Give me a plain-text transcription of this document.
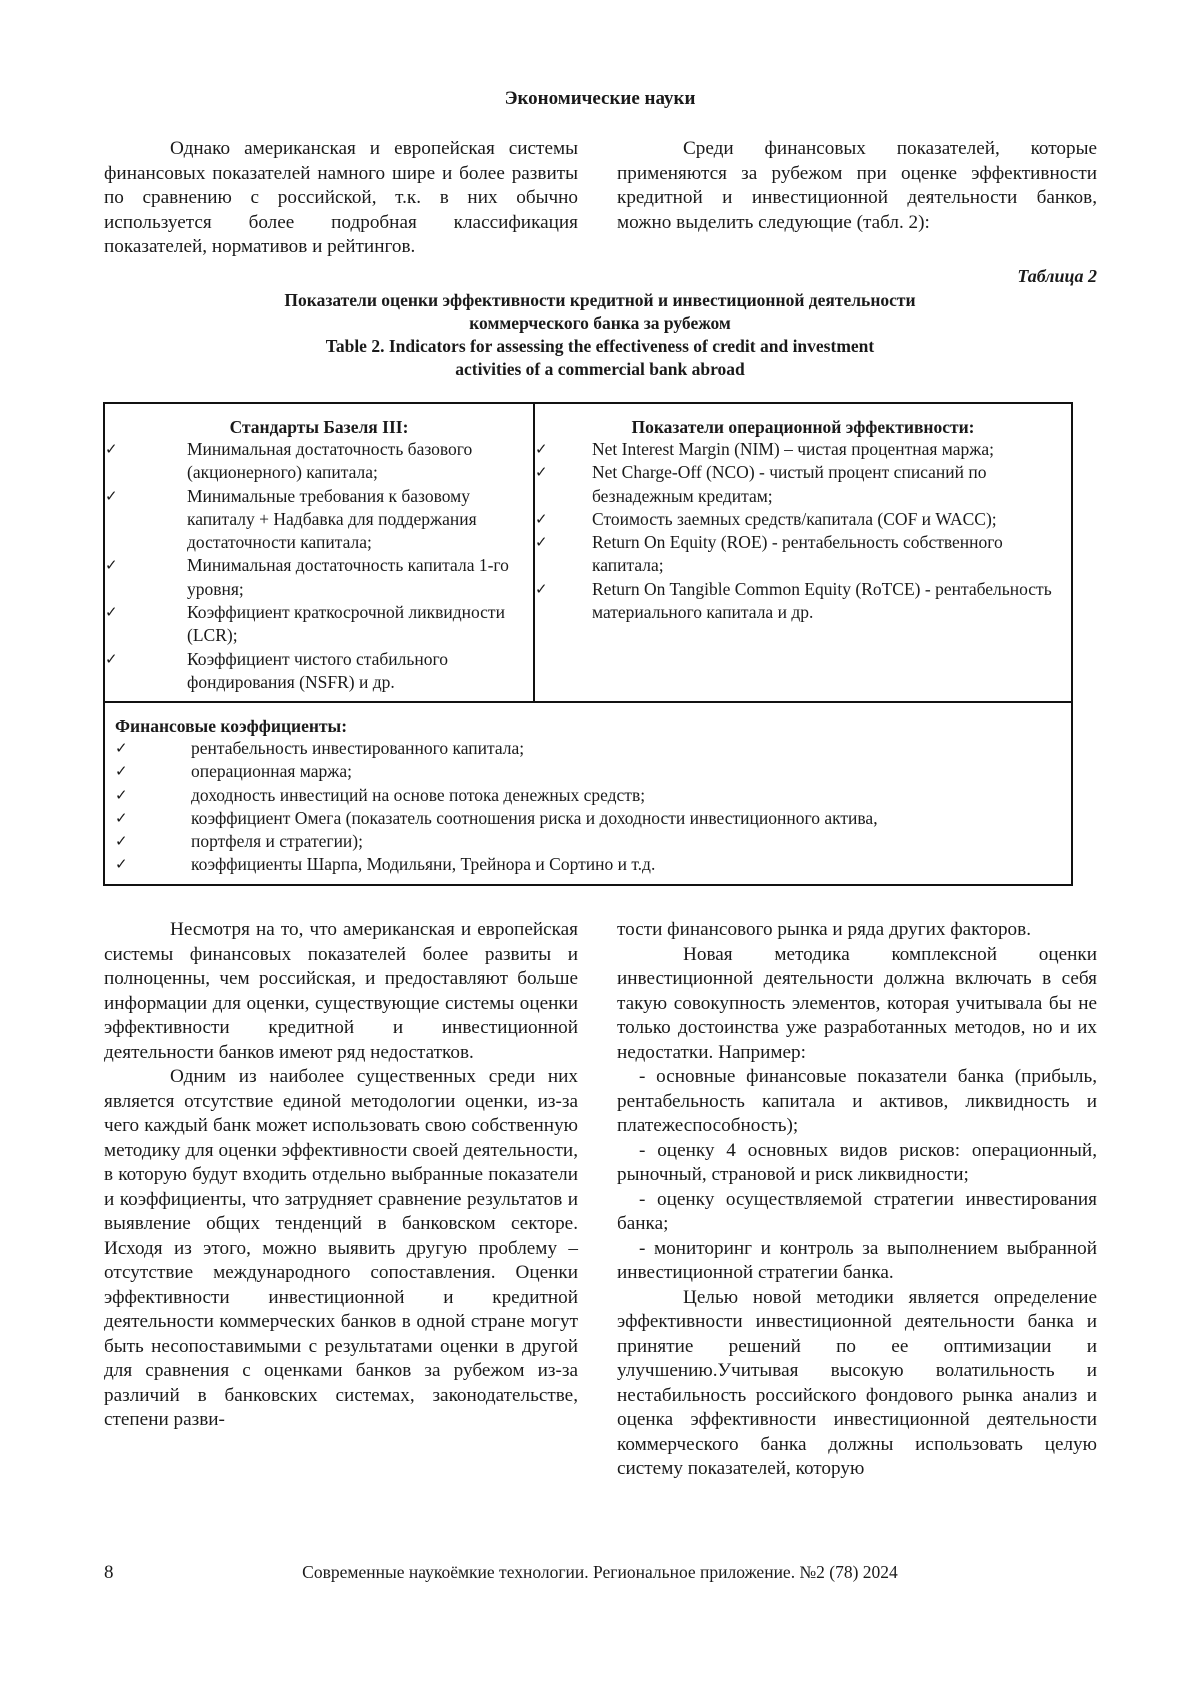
Экономические науки

Однако американская и европейская системы финансовых показателей намного шире и более развиты по сравнению с российской, т.к. в них обычно используется более подробная классификация показателей, нормативов и рейтингов.

Среди финансовых показателей, которые применяются за рубежом при оценке эффективности кредитной и инвестиционной деятельности банков, можно выделить следующие (табл. 2):

Таблица 2
Показатели оценки эффективности кредитной и инвестиционной деятельности
коммерческого банка за рубежом
Table 2. Indicators for assessing the effectiveness of credit and investment
activities of a commercial bank abroad
Стандарты Базеля III:
✓	Минимальная достаточность базового (акционерного) капитала;
✓	Минимальные требования к базовому капиталу + Надбавка для поддержания достаточности капитала;
✓	Минимальная достаточность капитала 1-го уровня;
✓	Коэффициент краткосрочной ликвидности (LCR);
✓	Коэффициент чистого стабильного фондирования (NSFR) и др.
Показатели операционной эффективности:
✓	Net Interest Margin (NIM) – чистая процентная маржа;
✓	Net Charge-Off (NCO) - чистый процент списаний по безнадежным кредитам;
✓	Стоимость заемных средств/капитала (COF и WACC);
✓	Return On Equity (ROE) - рентабельность собственного капитала;
✓	Return On Tangible Common Equity (RoTCE) - рентабельность материального капитала и др.
Финансовые коэффициенты:
✓	рентабельность инвестированного капитала;
✓	операционная маржа;
✓	доходность инвестиций на основе потока денежных средств;
✓	коэффициент Омега (показатель соотношения риска и доходности инвестиционного актива,
✓	портфеля и стратегии);
✓	коэффициенты Шарпа, Модильяни, Трейнора и Сортино и т.д.

Несмотря на то, что американская и европейская системы финансовых показателей более развиты и полноценны, чем российская, и предоставляют больше информации для оценки, существующие системы оценки эффективности кредитной и инвестиционной деятельности банков имеют ряд недостатков.

Одним из наиболее существенных среди них является отсутствие единой методологии оценки, из-за чего каждый банк может использовать свою собственную методику для оценки эффективности своей деятельности, в которую будут входить отдельно выбранные показатели и коэффициенты, что затрудняет сравнение результатов и выявление общих тенденций в банковском секторе. Исходя из этого, можно выявить другую проблему – отсутствие международного сопоставления. Оценки эффективности инвестиционной и кредитной деятельности коммерческих банков в одной стране могут быть несопоставимыми с результатами оценки в другой для сравнения с оценками банков за рубежом из-за различий в банковских системах, законодательстве, степени разви-

тости финансового рынка и ряда других факторов.

Новая методика комплексной оценки инвестиционной деятельности должна включать в себя такую совокупность элементов, которая учитывала бы не только достоинства уже разработанных методов, но и их недостатки. Например:

- основные финансовые показатели банка (прибыль, рентабельность капитала и активов, ликвидность и платежеспособность);

- оценку 4 основных видов рисков: операционный, рыночный, страновой и риск ликвидности;

- оценку осуществляемой стратегии инвестирования банка;

- мониторинг и контроль за выполнением выбранной инвестиционной стратегии банка.

Целью новой методики является определение эффективности инвестиционной деятельности банка и принятие решений по ее оптимизации и улучшению.Учитывая высокую волатильность и нестабильность российского фондового рынка анализ и оценка эффективности инвестиционной деятельности коммерческого банка должны использовать целую систему показателей, которую

8	Современные наукоёмкие технологии. Региональное приложение. №2 (78) 2024
